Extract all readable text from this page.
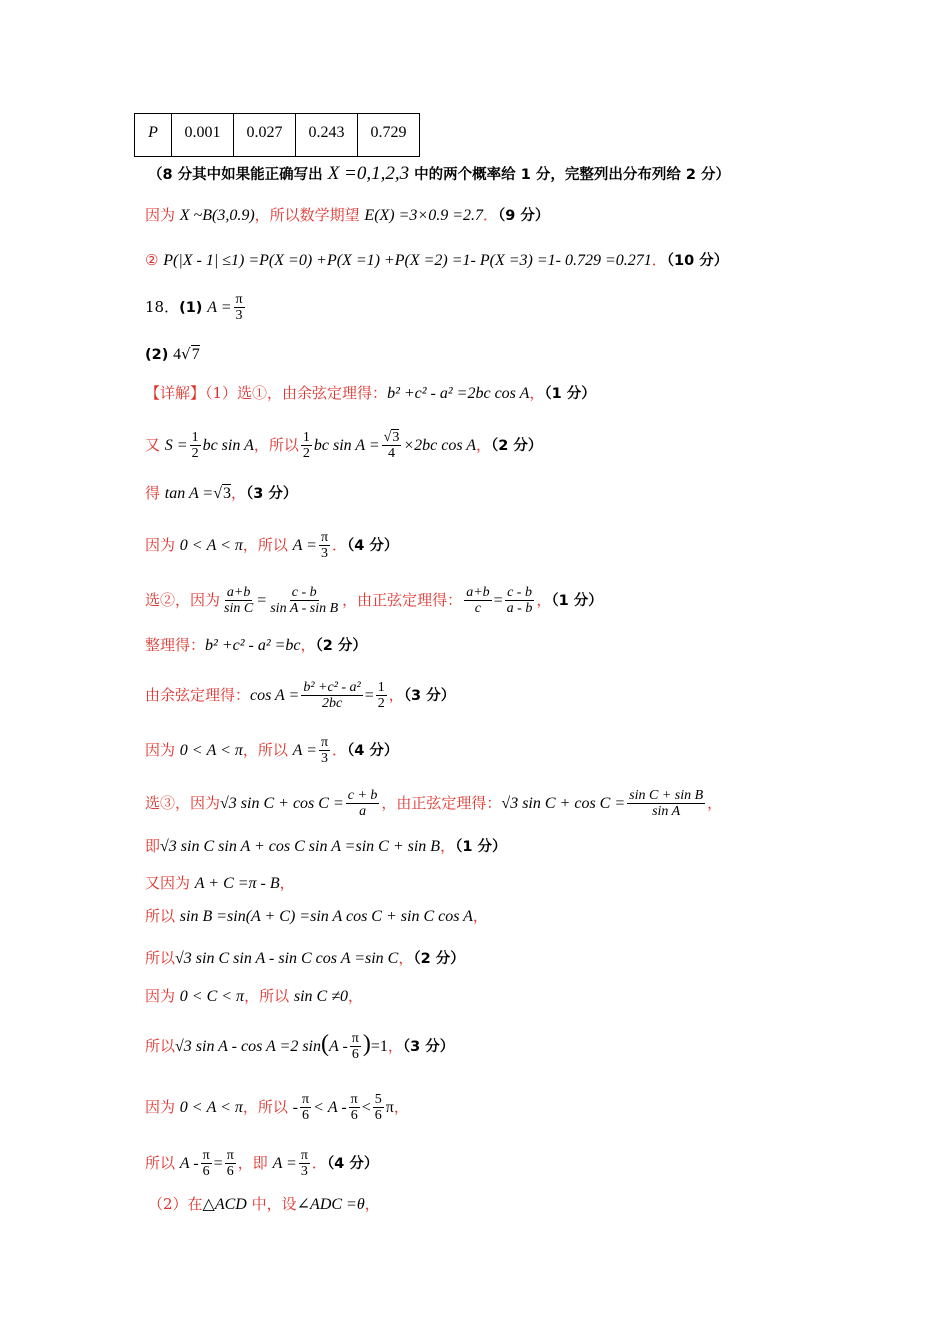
P	0.001	0.027	0.243	0.729
（8 分其中如果能正确写出 X =0,1,2,3 中的两个概率给 1 分，完整列出分布列给 2 分）
因为 X ~B(3,0.9)，所以数学期望 E(X) =3×0.9 =2.7．（9 分）
② P(|X - 1| ≤1) =P(X =0) +P(X =1) +P(X =2) =1- P(X =3) =1- 0.729 =0.271．（10 分）
18．(1) $A = \frac{\pi}{3}$
(2) 4√7
【详解】（1）选①，由余弦定理得：b² +c² - a² =2bc cos A，（1 分）
又 $S = \frac{1}{2}$ bc sin A，所以 $\frac{1}{2}$ bc $\sin A = \frac{√3}{4} \times 2bc$ cos A，（2 分）
得 tan A =√3，（3 分）
因为 0 < A < π，所以 $A = \frac{\pi}{3}$ ．（4 分）
选②，因为 $\frac{a+b}{\text{sin C}} = \frac{c - b}{\text{sin A - sin B}}$ ，由正弦定理得： $\frac{a+b}{c} = \frac{c - b}{a - b}$ ，（1 分）
整理得：b² +c² - a² =bc，（2 分）
由余弦定理得：$\cos A = \frac{\text{b² +c² - a²}}{2bc} = \frac{1}{2}$ ，（3 分）
因为 0 < A < π，所以 $A = \frac{\pi}{3}$ ．（4 分）
选③，因为√3 $\sin C + \cos C = \frac{c + b}{a}$ ，由正弦定理得：√3 $\sin C + \cos C = \frac{\text{sin C + sin B}}{\text{sin A}}$ ，
即√3 sin C sin A + cos C sin A =sin C + sin B，（1 分）
又因为 A + C =π - B，
所以 sin B =sin(A + C) =sin A cos C + sin C cos A，
所以√3 sin C sin A - sin C cos A =sin C，（2 分）
因为 0 < C < π，所以 sin C ≠0，
所以√3 sin A - cos A =2 $\sin(A - \frac{\pi}{6} )=1$，（3 分）
因为 0 < A < π，所以 - $\frac{\pi}{6} < A - \frac{\pi}{6} < \frac{5}{6}$ π，
所以 $A - \frac{\pi}{6} = \frac{\pi}{6}$ ，即 $A = \frac{\pi}{3}$ ．（4 分）
（2）在△ACD 中，设∠ADC =θ，
